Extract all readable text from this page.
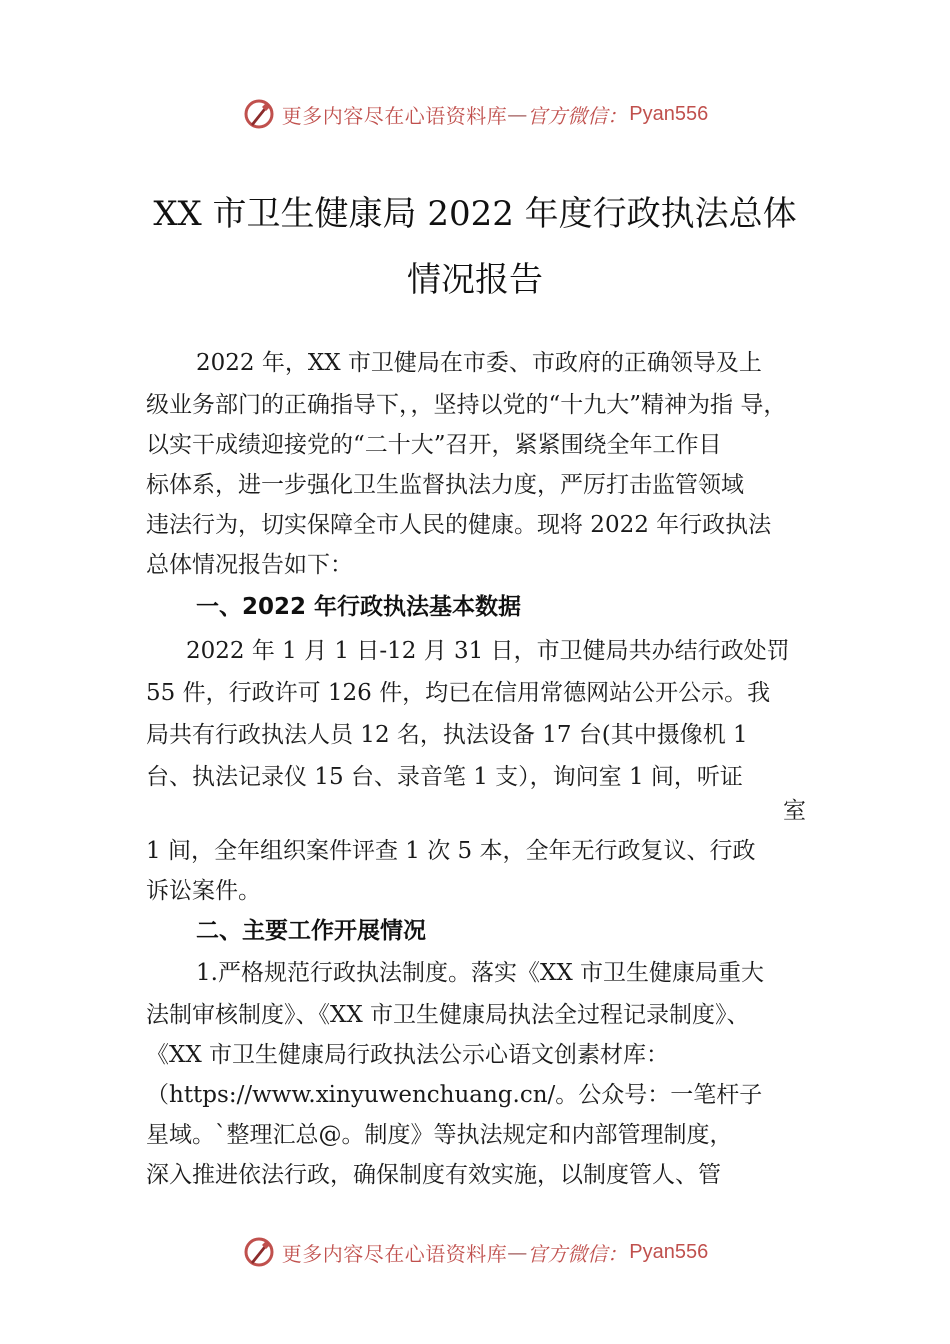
更多内容尽在心语资料库 — 官方微信： Pyan556
XX 市卫生健康局 2022 年度行政执法总体
情况报告
2022 年，XX 市卫健局在市委、市政府的正确领导及上
级业务部门的正确指导下，，坚持以党的“十九大”精神为指 导，
以实干成绩迎接党的“二十大”召开，紧紧围绕全年工作目
标体系，进一步强化卫生监督执法力度，严厉打击监管领域
违法行为，切实保障全市人民的健康。现将 2022 年行政执法
总体情况报告如下：
一、2022 年行政执法基本数据
2022 年 1 月 1 日-12 月 31 日，市卫健局共办结行政处罚
55 件，行政许可 126 件，均已在信用常德网站公开公示。我
局共有行政执法人员 12 名，执法设备 17 台(其中摄像机 1
台、执法记录仪 15 台、录音笔 1 支），询问室 1 间，听证
室
1 间，全年组织案件评查 1 次 5 本，全年无行政复议、行政
诉讼案件。
二、主要工作开展情况
1.严格规范行政执法制度。落实《XX 市卫生健康局重大
法制审核制度》、《XX 市卫生健康局执法全过程记录制度》、
《XX 市卫生健康局行政执法公示心语文创素材库：
（https://www.xinyuwenchuang.cn/。公众号：一笔杆子
星域。`整理汇总@。制度》等执法规定和内部管理制度，
深入推进依法行政，确保制度有效实施，以制度管人、管
更多内容尽在心语资料库 — 官方微信： Pyan556
